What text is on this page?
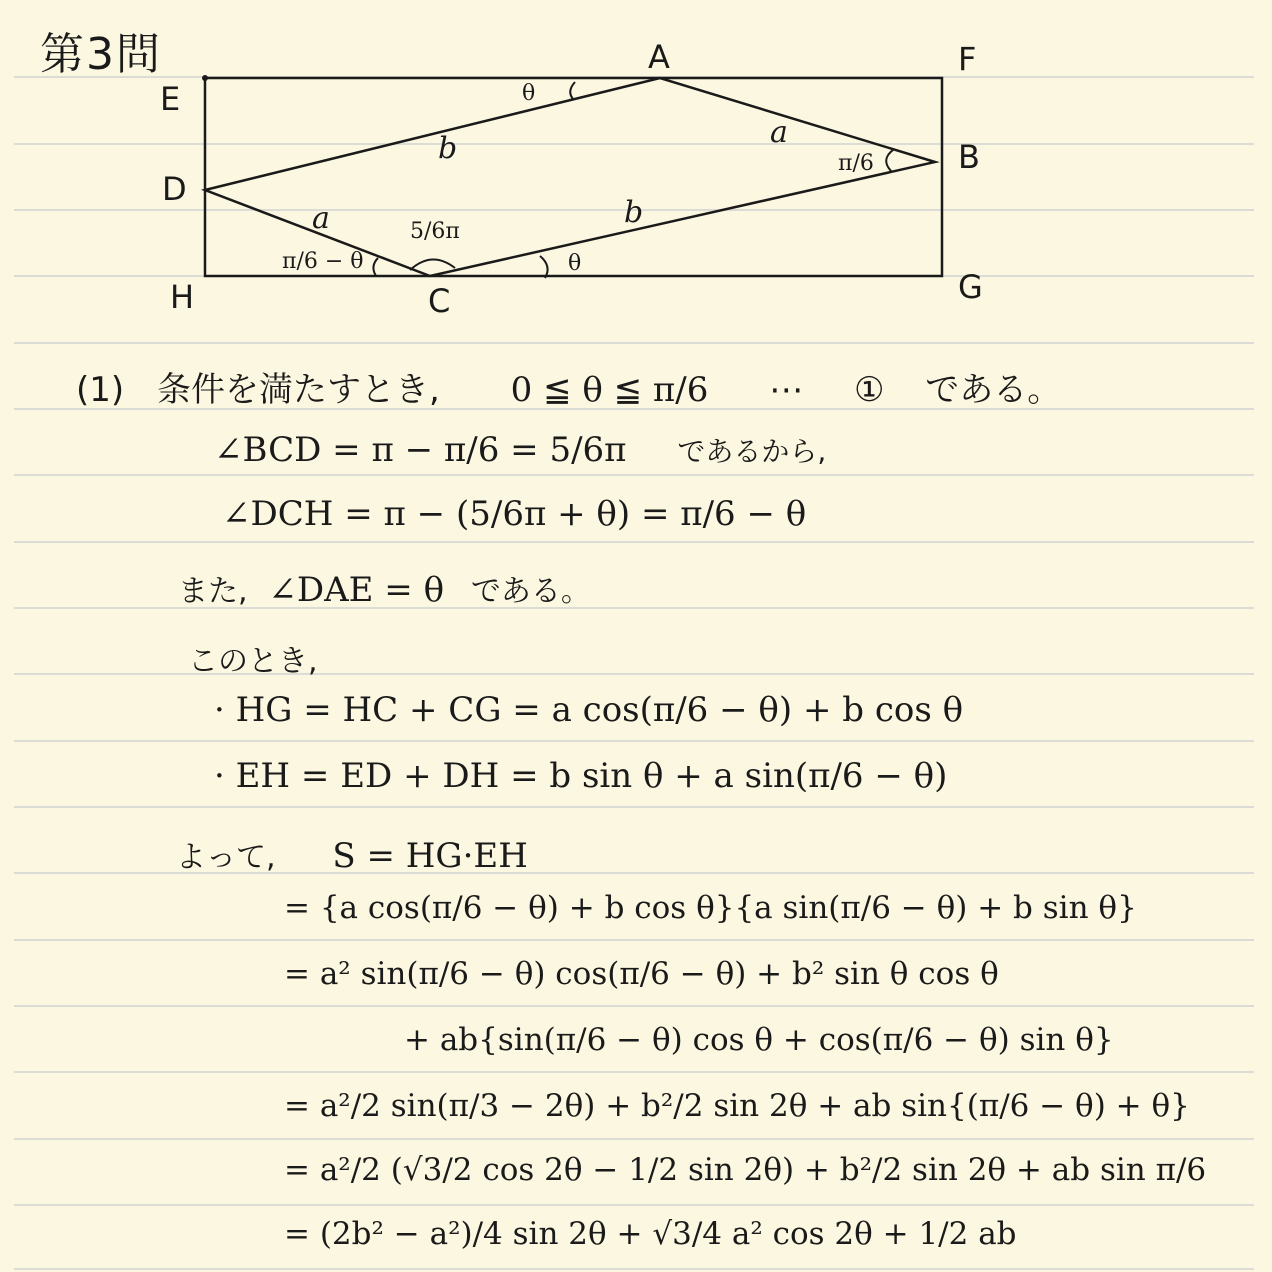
第3問
E
A	F
B
D
H	C	G
b	a
a	b
θ
π/6
5/6π
π/6 − θ	θ
(1) 条件を満たすとき, 0 ≦ θ ≦ π/6 ⋯ ① である。
∠BCD = π − π/6 = 5/6π であるから,
∠DCH = π − (5/6π + θ) = π/6 − θ
また, ∠DAE = θ である。
このとき,
· HG = HC + CG = a cos(π/6 − θ) + b cos θ
· EH = ED + DH = b sin θ + a sin(π/6 − θ)
よって, S = HG·EH
= {a cos(π/6 − θ) + b cos θ}{a sin(π/6 − θ) + b sin θ}
= a² sin(π/6 − θ) cos(π/6 − θ) + b² sin θ cos θ
+ ab{sin(π/6 − θ) cos θ + cos(π/6 − θ) sin θ}
= a²/2 sin(π/3 − 2θ) + b²/2 sin 2θ + ab sin{(π/6 − θ) + θ}
= a²/2 (√3/2 cos 2θ − 1/2 sin 2θ) + b²/2 sin 2θ + ab sin π/6
= (2b² − a²)/4 sin 2θ + √3/4 a² cos 2θ + 1/2 ab
